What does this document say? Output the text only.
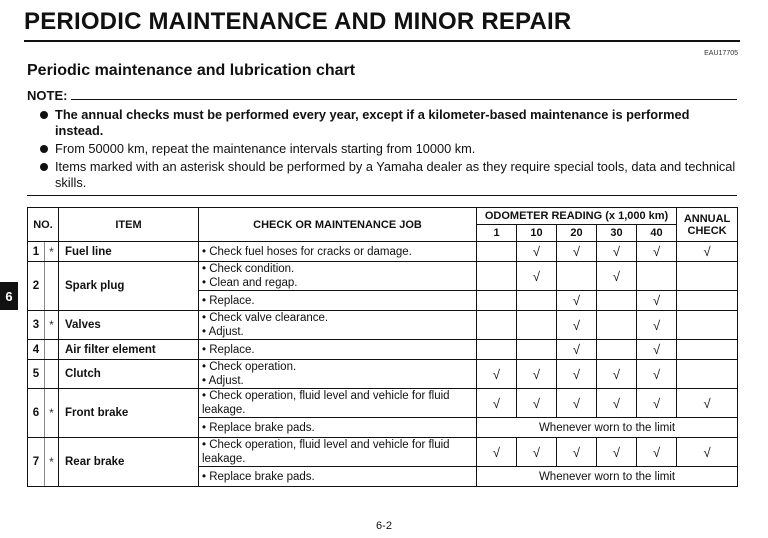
PERIODIC MAINTENANCE AND MINOR REPAIR
EAU17705
Periodic maintenance and lubrication chart
NOTE:
The annual checks must be performed every year, except if a kilometer-based maintenance is performed instead.
From 50000 km, repeat the maintenance intervals starting from 10000 km.
Items marked with an asterisk should be performed by a Yamaha dealer as they require special tools, data and technical skills.
6
NO.		ITEM	CHECK OR MAINTENANCE JOB	ODOMETER READING (x 1,000 km)					ANNUAL
CHECK
				1	10	20	30	40	
1	*	Fuel line	• Check fuel hoses for cracks or damage.		√	√	√	√	√
2		Spark plug	• Check condition.
• Clean and regap.		√		√		

			• Replace.			√		√	
3	*	Valves	• Check valve clearance.
• Adjust.			√		√	
4		Air filter element	• Replace.			√		√	
5		Clutch	• Check operation.
• Adjust.	√	√	√	√	√	
6	*	Front brake	• Check operation, fluid level and vehicle for fluid leakage.	√	√	√	√	√	√

			• Replace brake pads.	Whenever worn to the limit					
7	*	Rear brake	• Check operation, fluid level and vehicle for fluid leakage.	√	√	√	√	√	√

			• Replace brake pads.	Whenever worn to the limit					
6-2
